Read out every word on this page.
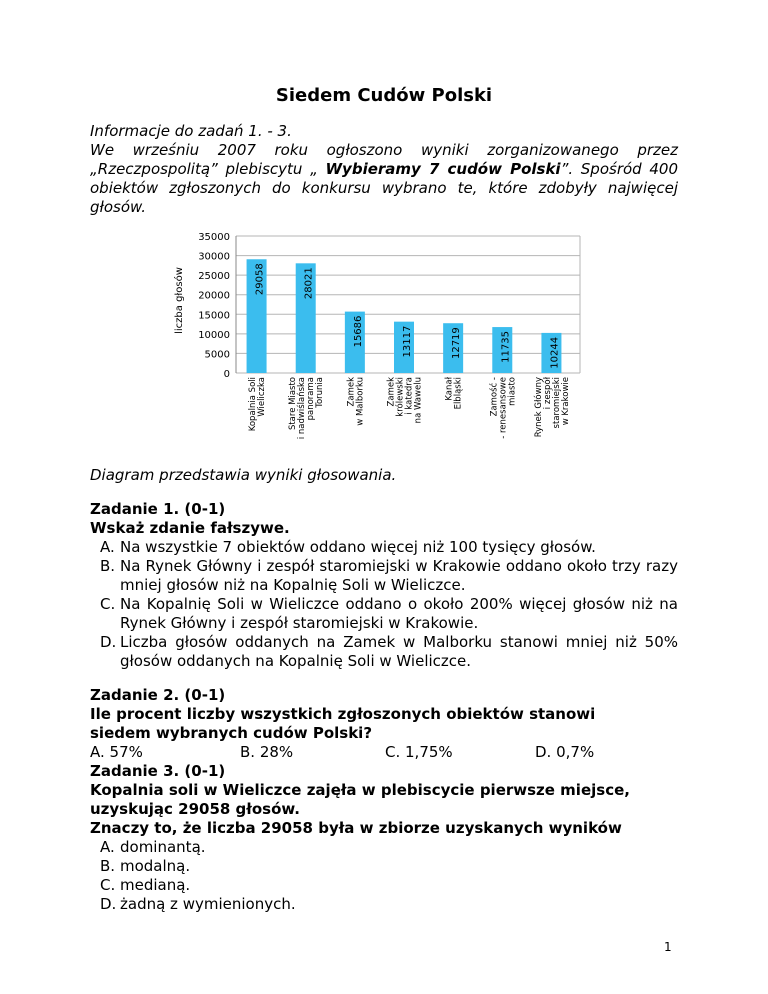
Siedem Cudów Polski

Informacje do zadań 1. - 3.

We wrześniu 2007 roku ogłoszono wyniki zorganizowanego przez „Rzeczpospolitą” plebiscytu „ Wybieramy 7 cudów Polski”. Spośród 400 obiektów zgłoszonych do konkursu wybrano te, które zdobyły najwięcej głosów.

35000
30000
25000
20000
15000
10000
5000
0
liczba głosów	29058
Kopalnia Soli Wieliczka
28021
Stare Miasto i nadwiślańska panorama Torunia
15686
Zamek w Malborku
13117
Zamek królewski i katedra na Wawelu
12719
Kanał Elbląski
11735
Zamość - - renesansowe miasto
10244
Rynek Główny i zespół staromiejski w Krakowie
Diagram przedstawia wyniki głosowania.
Zadanie 1. (0-1)
Wskaż zdanie fałszywe.
A. Na wszystkie 7 obiektów oddano więcej niż 100 tysięcy głosów.
B. Na Rynek Główny i zespół staromiejski w Krakowie oddano około trzy razy mniej głosów niż na Kopalnię Soli w Wieliczce.
C. Na Kopalnię Soli w Wieliczce oddano o około 200% więcej głosów niż na Rynek Główny i zespół staromiejski w Krakowie.
D. Liczba głosów oddanych na Zamek w Malborku stanowi mniej niż 50% głosów oddanych na Kopalnię Soli w Wieliczce.
Zadanie 2. (0-1)
Ile procent liczby wszystkich zgłoszonych obiektów stanowi
siedem wybranych cudów Polski?
A. 57%	B. 28%	C. 1,75%	D. 0,7%
Zadanie 3. (0-1)
Kopalnia soli w Wieliczce zajęła w plebiscycie pierwsze miejsce,
uzyskując 29058 głosów.
Znaczy to, że liczba 29058 była w zbiorze uzyskanych wyników
A. dominantą.
B. modalną.
C. medianą.
D. żadną z wymienionych.
1
